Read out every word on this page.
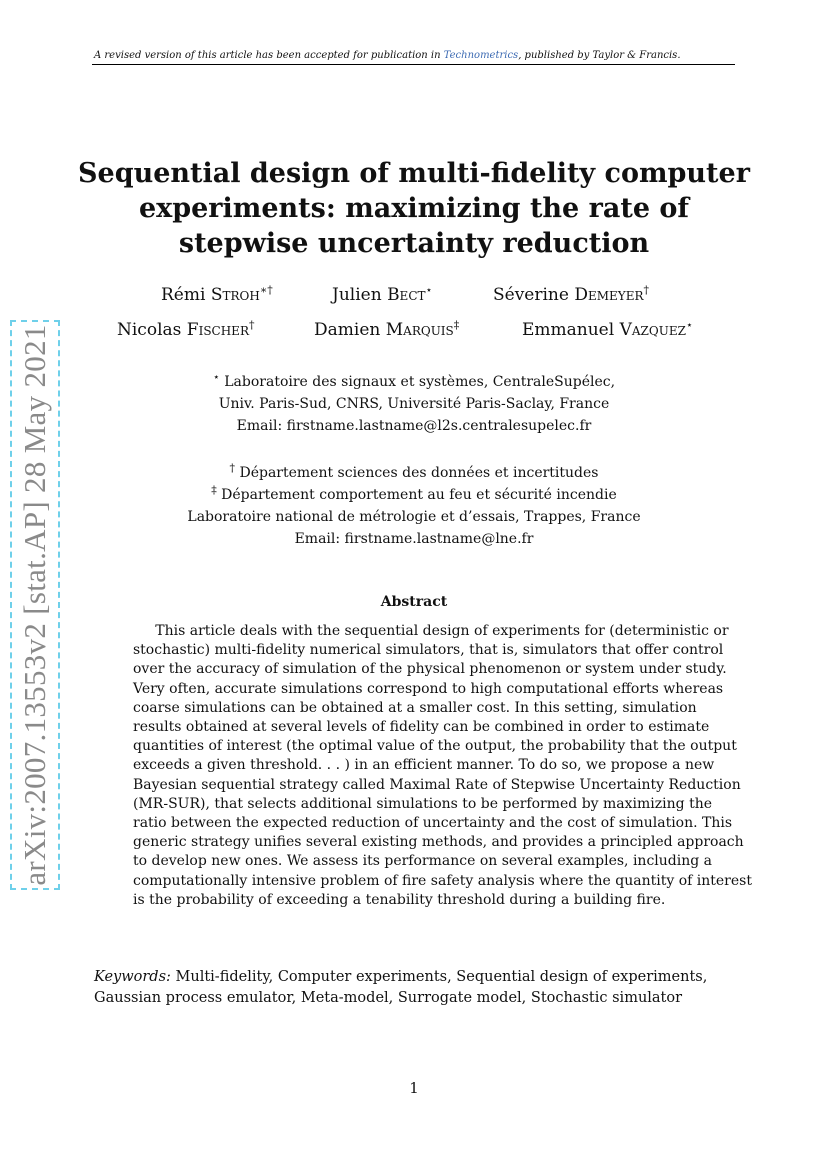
A revised version of this article has been accepted for publication in Technometrics, published by Taylor & Francis.
arXiv:2007.13553v2 [stat.AP] 28 May 2021
Sequential design of multi-fidelity computer
experiments: maximizing the rate of
stepwise uncertainty reduction
Rémi Stroh∗†	Julien Bect⋆	Séverine Demeyer†
Nicolas Fischer†	Damien Marquis‡	Emmanuel Vazquez⋆
⋆ Laboratoire des signaux et systèmes, CentraleSupélec,
Univ. Paris-Sud, CNRS, Université Paris-Saclay, France
Email: firstname.lastname@l2s.centralesupelec.fr
† Département sciences des données et incertitudes
‡ Département comportement au feu et sécurité incendie
Laboratoire national de métrologie et d’essais, Trappes, France
Email: firstname.lastname@lne.fr
Abstract
This article deals with the sequential design of experiments for (deterministic or
stochastic) multi-fidelity numerical simulators, that is, simulators that offer control
over the accuracy of simulation of the physical phenomenon or system under study.
Very often, accurate simulations correspond to high computational efforts whereas
coarse simulations can be obtained at a smaller cost. In this setting, simulation
results obtained at several levels of fidelity can be combined in order to estimate
quantities of interest (the optimal value of the output, the probability that the output
exceeds a given threshold. . . ) in an efficient manner. To do so, we propose a new
Bayesian sequential strategy called Maximal Rate of Stepwise Uncertainty Reduction
(MR-SUR), that selects additional simulations to be performed by maximizing the
ratio between the expected reduction of uncertainty and the cost of simulation. This
generic strategy unifies several existing methods, and provides a principled approach
to develop new ones. We assess its performance on several examples, including a
computationally intensive problem of fire safety analysis where the quantity of interest
is the probability of exceeding a tenability threshold during a building fire.
Keywords: Multi-fidelity, Computer experiments, Sequential design of experiments,
Gaussian process emulator, Meta-model, Surrogate model, Stochastic simulator
1
